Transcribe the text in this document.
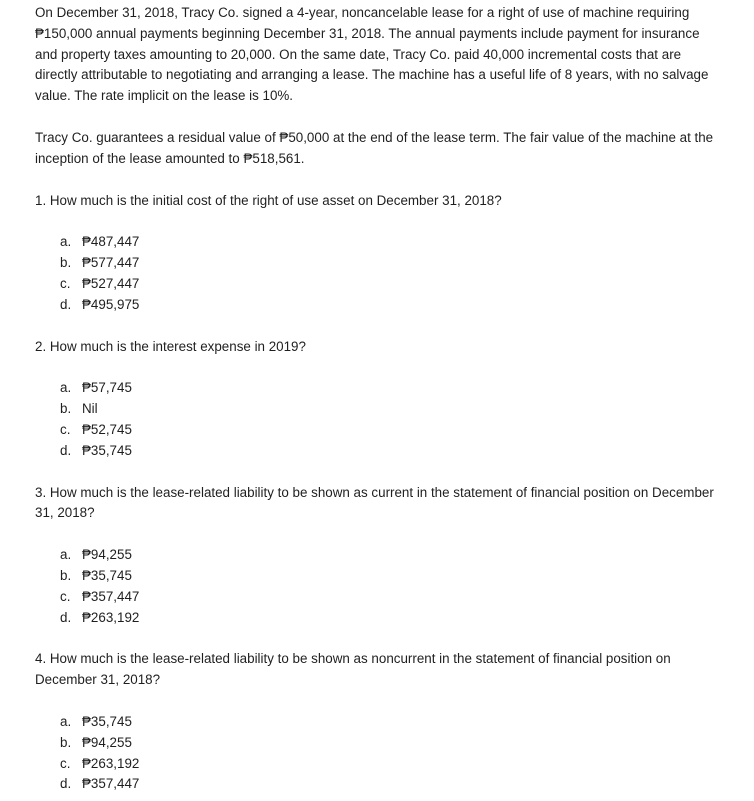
On December 31, 2018, Tracy Co. signed a 4-year, noncancelable lease for a right of use of machine requiring ₱150,000 annual payments beginning December 31, 2018. The annual payments include payment for insurance and property taxes amounting to 20,000. On the same date, Tracy Co. paid 40,000 incremental costs that are directly attributable to negotiating and arranging a lease. The machine has a useful life of 8 years, with no salvage value. The rate implicit on the lease is 10%.

Tracy Co. guarantees a residual value of ₱50,000 at the end of the lease term. The fair value of the machine at the inception of the lease amounted to ₱518,561.

1. How much is the initial cost of the right of use asset on December 31, 2018?

a. ₱487,447
b. ₱577,447
c. ₱527,447
d. ₱495,975

2. How much is the interest expense in 2019?

a. ₱57,745
b. Nil
c. ₱52,745
d. ₱35,745

3. How much is the lease-related liability to be shown as current in the statement of financial position on December 31, 2018?

a. ₱94,255
b. ₱35,745
c. ₱357,447
d. ₱263,192

4. How much is the lease-related liability to be shown as noncurrent in the statement of financial position on December 31, 2018?

a. ₱35,745
b. ₱94,255
c. ₱263,192
d. ₱357,447
